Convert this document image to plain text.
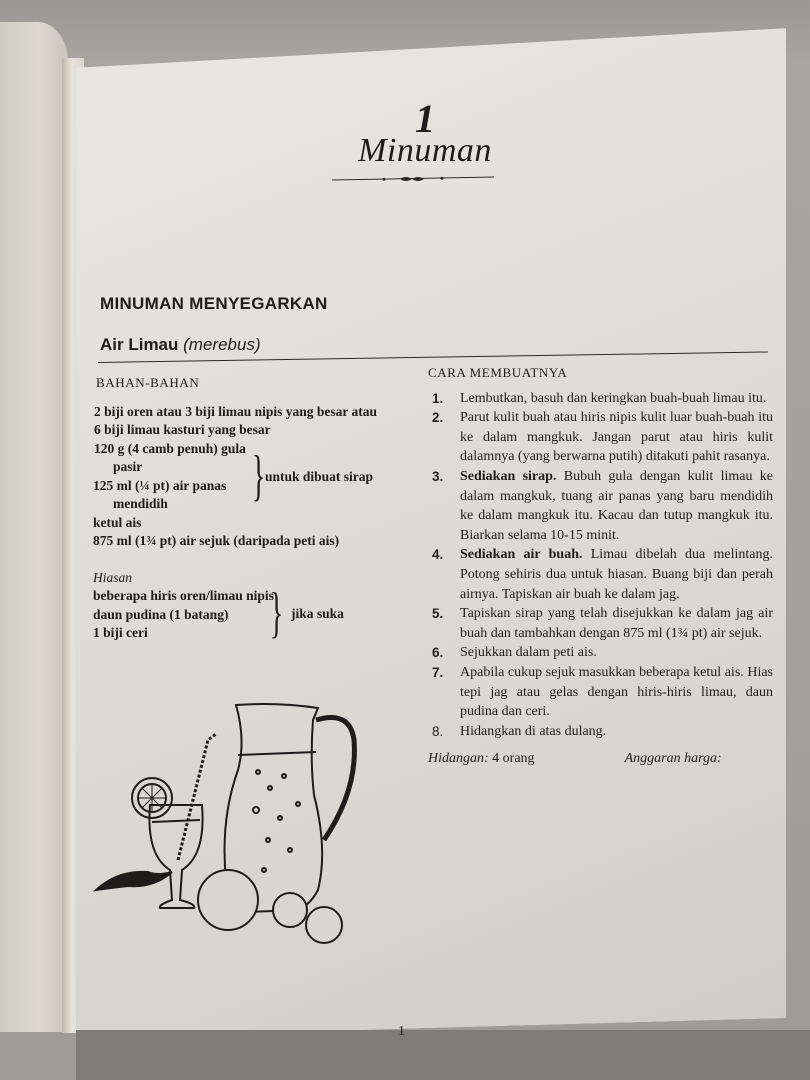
1
Minuman
MINUMAN MENYEGARKAN
Air Limau (merebus)
BAHAN-BAHAN
2 biji oren atau 3 biji limau nipis yang besar atau
6 biji limau kasturi yang besar
120 g (4 camb penuh) gula
pasir
125 ml (¼ pt) air panas
mendidih	} untuk dibuat sirap
ketul ais
875 ml (1¾ pt) air sejuk (daripada peti ais)
Hiasan
beberapa hiris oren/limau nipis
daun pudina (1 batang)
1 biji ceri	} jika suka
CARA MEMBUATNYA
1.	Lembutkan, basuh dan keringkan buah-buah limau itu.
2.	Parut kulit buah atau hiris nipis kulit luar buah-buah itu ke dalam mangkuk. Jangan parut atau hiris kulit dalamnya (yang berwarna putih) ditakuti pahit rasanya.
3.	Sediakan sirap. Bubuh gula dengan kulit limau ke dalam mangkuk, tuang air panas yang baru mendidih ke dalam mangkuk itu. Kacau dan tutup mangkuk itu. Biarkan selama 10-15 minit.
4.	Sediakan air buah. Limau dibelah dua melintang. Potong sehiris dua untuk hiasan. Buang biji dan perah airnya. Tapiskan air buah ke dalam jag.
5.	Tapiskan sirap yang telah disejukkan ke dalam jag air buah dan tambahkan dengan 875 ml (1¾ pt) air sejuk.
6.	Sejukkan dalam peti ais.
7.	Apabila cukup sejuk masukkan beberapa ketul ais. Hias tepi jag atau gelas dengan hiris-hiris limau, daun pudina dan ceri.
8.	Hidangkan di atas dulang.
Hidangan:
4 orang	Anggaran harga:
1
